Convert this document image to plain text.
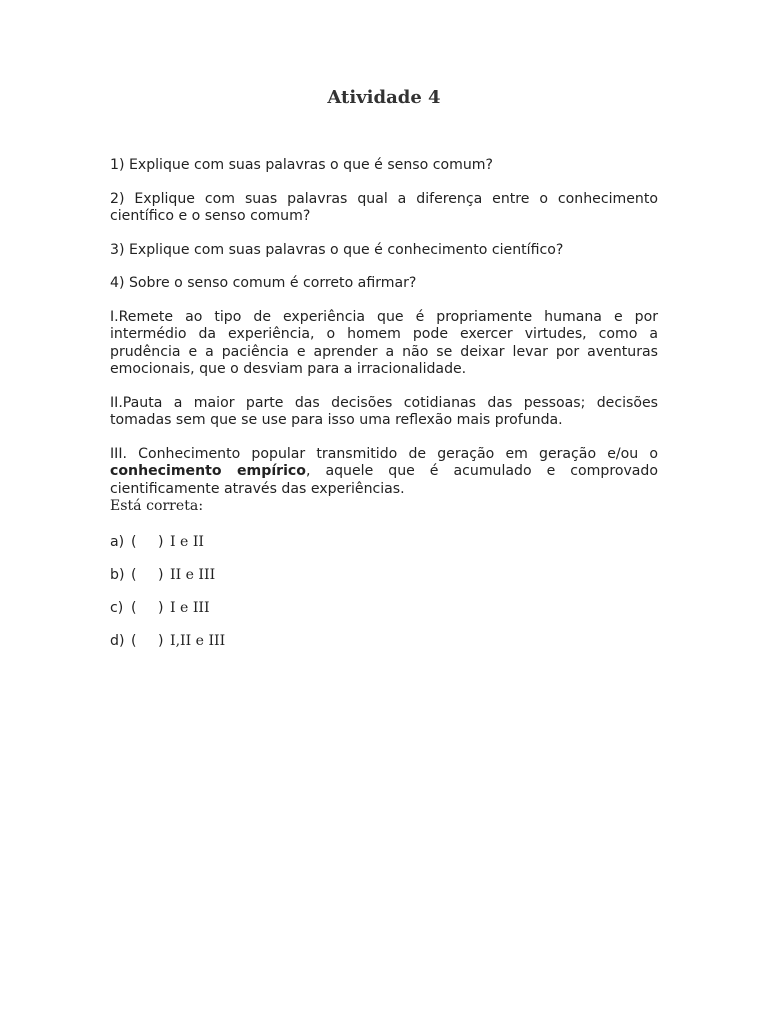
Atividade 4

1) Explique com suas palavras o que é senso comum?

2) Explique com suas palavras qual a diferença entre o conhecimento científico e o senso comum?

3) Explique com suas palavras o que é conhecimento científico?

4) Sobre o senso comum é correto afirmar?

I.Remete ao tipo de experiência que é propriamente humana e por intermédio da experiência, o homem pode exercer virtudes, como a prudência e a paciência e aprender a não se deixar levar por aventuras emocionais, que o desviam para a irracionalidade.

II.Pauta a maior parte das decisões cotidianas das pessoas; decisões tomadas sem que se use para isso uma reflexão mais profunda.

III. Conhecimento popular transmitido de geração em geração e/ou o conhecimento empírico, aquele que é acumulado e comprovado cientificamente através das experiências.

Está correta:

a) ( ) I e II
b) ( ) II e III
c) ( ) I e III
d) ( ) I,II e III
